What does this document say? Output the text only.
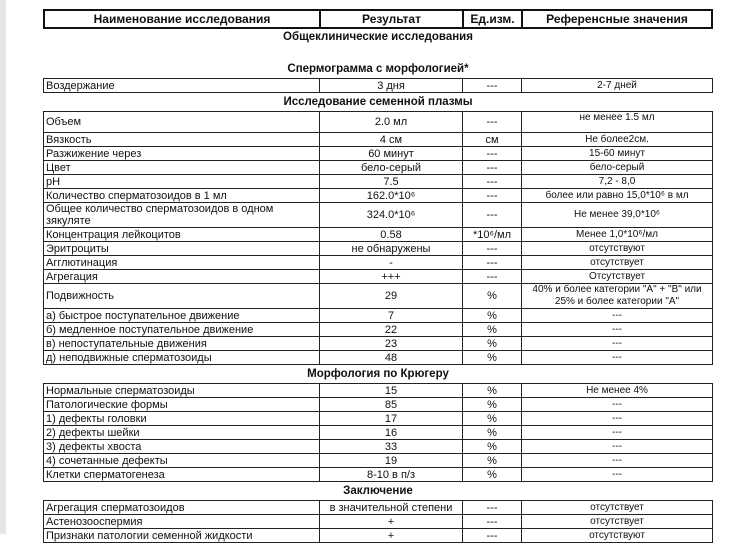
Наименование исследования	Результат	Ед.изм.	Референсные значения
Общеклинические исследования
Спермограмма с морфологией*
Воздержание	3 дня	---	2-7 дней
Исследование семенной плазмы
Объем	2.0 мл	---	не менее 1.5 мл
Вязкость	4 см	см	Не более2см.
Разжижение через	60 минут	---	15-60 минут
Цвет	бело-серый	---	бело-серый
pH	7.5	---	7,2 - 8,0
Количество сперматозоидов в 1 мл	162.0*10⁶	---	более или равно 15,0*10⁶ в мл
Общее количество сперматозоидов в одном зякуляте	324.0*10⁶	---	Не менее 39,0*10⁶
Концентрация лейкоцитов	0.58	*10⁶/мл	Менее 1,0*10⁶/мл
Эритроциты	не обнаружены	---	отсутствуют
Агглютинация	-	---	отсутствует
Агрегация	+++	---	Отсутствует
Подвижность	29	%	40% и более категории "A" + "B" или 25% и более категории "A"
а) быстрое поступательное движение	7	%	---
б) медленное поступательное движение	22	%	---
в) непоступательные движения	23	%	---
д) неподвижные сперматозоиды	48	%	---
Морфология по Крюгеру
Нормальные сперматозоиды	15	%	Не менее 4%
Патологические формы	85	%	---
1) дефекты головки	17	%	---
2) дефекты шейки	16	%	---
3) дефекты хвоста	33	%	---
4) сочетанные дефекты	19	%	---
Клетки сперматогенеза	8-10 в п/з	%	---
Заключение
Агрегация сперматозоидов	в значительной степени	---	отсутствует
Астенозооспермия	+	---	отсутствует
Признаки патологии семенной жидкости	+	---	отсутствуют
